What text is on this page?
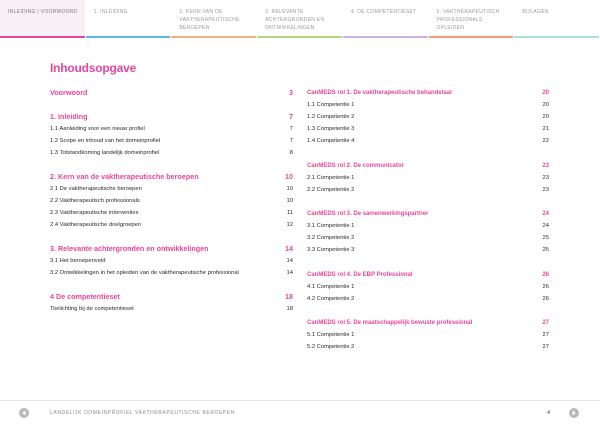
INLEIDING | VOORWOORD	1. INLEIDING	2. KERN VAN DE VAKTHERAPEUTISCHE BEROEPEN
3. RELEVANTE ACHTERGRONDEN EN ONTWIKKELINGEN
4. DE COMPETENTIESET	5. VAKTHERAPEUTISCH PROFESSIONALS OPLEIDEN
BIJLAGEN
Inhoudsopgave
Voorwoord	3
1. Inleiding	7
1.1 Aanleiding voor een nieuw profiel	7
1.2 Scope en inhoud van het domeinprofiel	7
1.3 Totstandkoming landelijk domeinprofiel	8
2. Kern van de vaktherapeutische beroepen	10
2.1 De vaktherapeutische beroepen	10
2.2 Vaktherapeutisch professionals	10
2.3 Vaktherapeutische interventies	11
2.4 Vaktherapeutische doelgroepen	12
3. Relevante achtergronden en ontwikkelingen	14
3.1 Het beroepenveld	14
3.2 Ontwikkelingen in het opleiden van de vaktherapeutische professional	14
4 De competentieset	18
Toelichting bij de competentieset	18
CanMEDS rol 1. De vaktherapeutische behandelaar	20
1.1 Competentie 1	20
1.2 Competentie 2	20
1.3 Competentie 3	21
1.4 Competentie 4	22
CanMEDS rol 2. De communicator	23
2.1 Competentie 1	23
2.2 Competentie 2	23
CanMEDS rol 3. De samenwerkingspartner	24
3.1 Competentie 1	24
3.2 Competentie 2	25
3.3 Competentie 3	25
CanMEDS rol 4. De EBP Professional	26
4.1 Competentie 1	26
4.2 Competentie 2	26
CanMEDS rol 5. De maatschappelijk bewuste professional	27
5.1 Competentie 1	27
5.2 Competentie 2	27
LANDELIJK DOMEINPROFIEL VAKTHERAPEUTISCHE BEROEPEN	4
